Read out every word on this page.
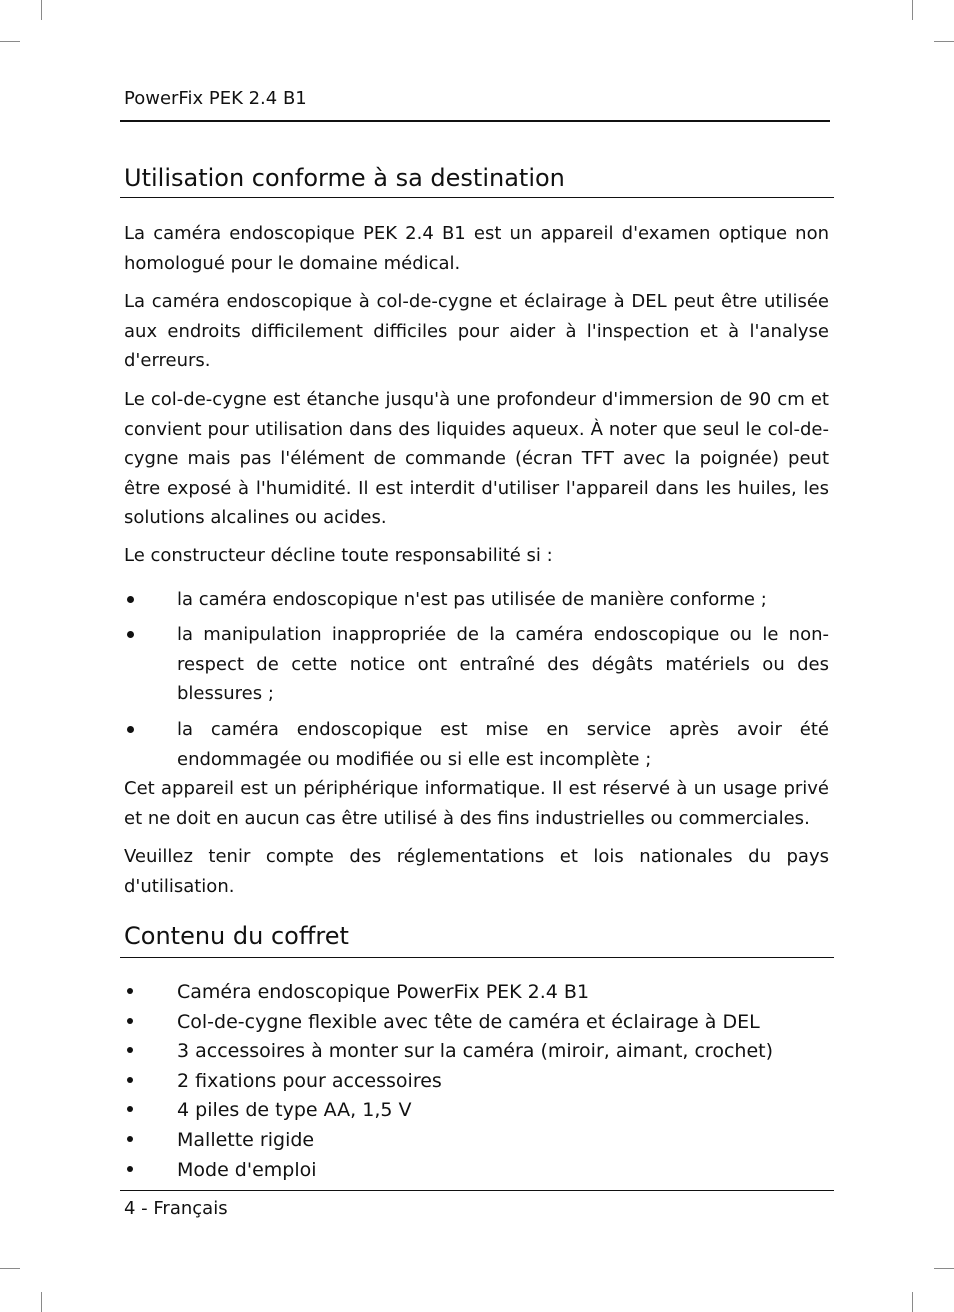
PowerFix PEK 2.4 B1
Utilisation conforme à sa destination

La caméra endoscopique PEK 2.4 B1 est un appareil d'examen optique non homologué pour le domaine médical.

La caméra endoscopique à col-de-cygne et éclairage à DEL peut être utilisée aux endroits difficilement difficiles pour aider à l'inspection et à l'analyse d'erreurs.

Le col-de-cygne est étanche jusqu'à une profondeur d'immersion de 90 cm et convient pour utilisation dans des liquides aqueux. À noter que seul le col-de-cygne mais pas l'élément de commande (écran TFT avec la poignée) peut être exposé à l'humidité. Il est interdit d'utiliser l'appareil dans les huiles, les solutions alcalines ou acides.

Le constructeur décline toute responsabilité si :

la caméra endoscopique n'est pas utilisée de manière conforme ;

la manipulation inappropriée de la caméra endoscopique ou le non-respect de cette notice ont entraîné des dégâts matériels ou des blessures ;

la caméra endoscopique est mise en service après avoir été endommagée ou modifiée ou si elle est incomplète ;

Cet appareil est un périphérique informatique. Il est réservé à un usage privé et ne doit en aucun cas être utilisé à des fins industrielles ou commerciales.

Veuillez tenir compte des réglementations et lois nationales du pays d'utilisation.

Contenu du coffret

Caméra endoscopique PowerFix PEK 2.4 B1

Col-de-cygne flexible avec tête de caméra et éclairage à DEL

3 accessoires à monter sur la caméra (miroir, aimant, crochet)

2 fixations pour accessoires

4 piles de type AA, 1,5 V

Mallette rigide

Mode d'emploi

4 - Français
